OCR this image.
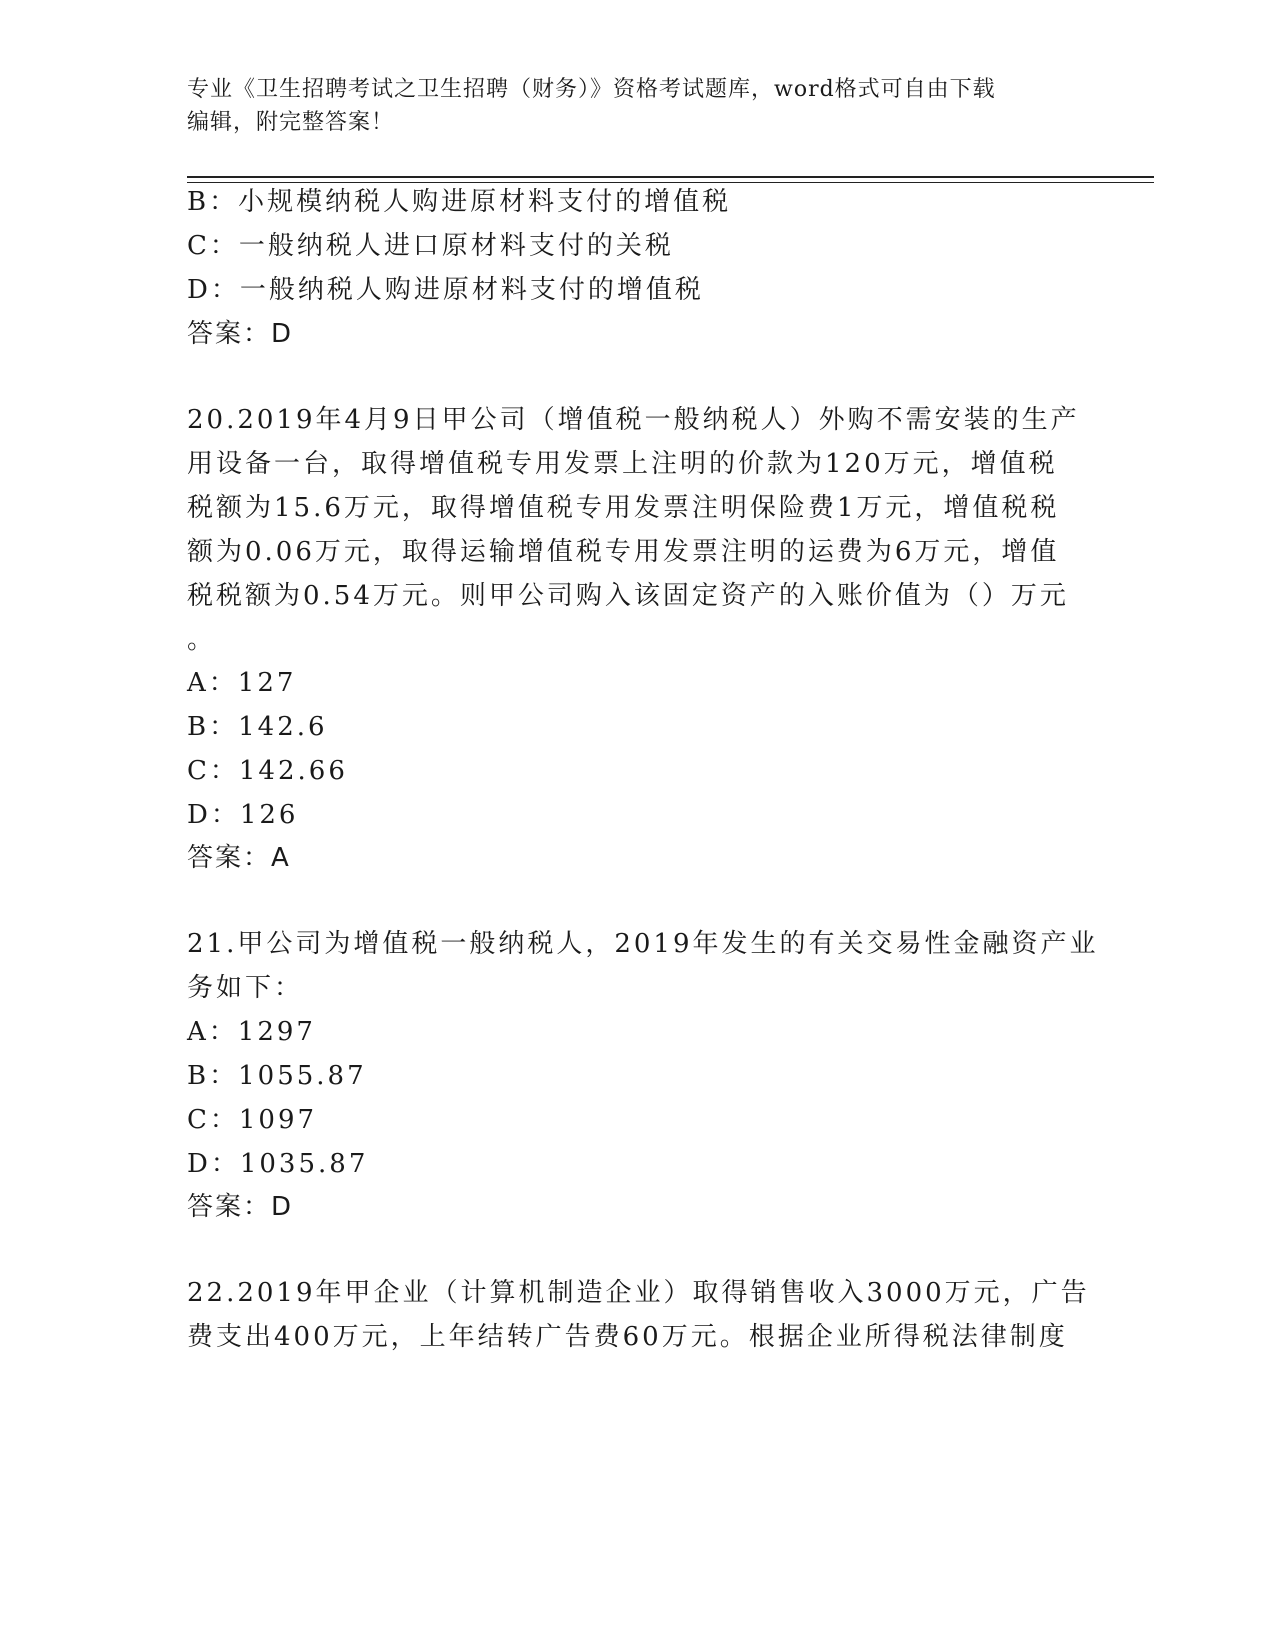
专业《卫生招聘考试之卫生招聘（财务）》资格考试题库，word格式可自由下载
编辑，附完整答案！
B：小规模纳税人购进原材料支付的增值税
C：一般纳税人进口原材料支付的关税
D：一般纳税人购进原材料支付的增值税
答案：D
20.2019年4月9日甲公司（增值税一般纳税人）外购不需安装的生产
用设备一台，取得增值税专用发票上注明的价款为120万元，增值税
税额为15.6万元，取得增值税专用发票注明保险费1万元，增值税税
额为0.06万元，取得运输增值税专用发票注明的运费为6万元，增值
税税额为0.54万元。则甲公司购入该固定资产的入账价值为（）万元
。
A：127
B：142.6
C：142.66
D：126
答案：A
21.甲公司为增值税一般纳税人，2019年发生的有关交易性金融资产业
务如下：
A：1297
B：1055.87
C：1097
D：1035.87
答案：D
22.2019年甲企业（计算机制造企业）取得销售收入3000万元，广告
费支出400万元，上年结转广告费60万元。根据企业所得税法律制度
